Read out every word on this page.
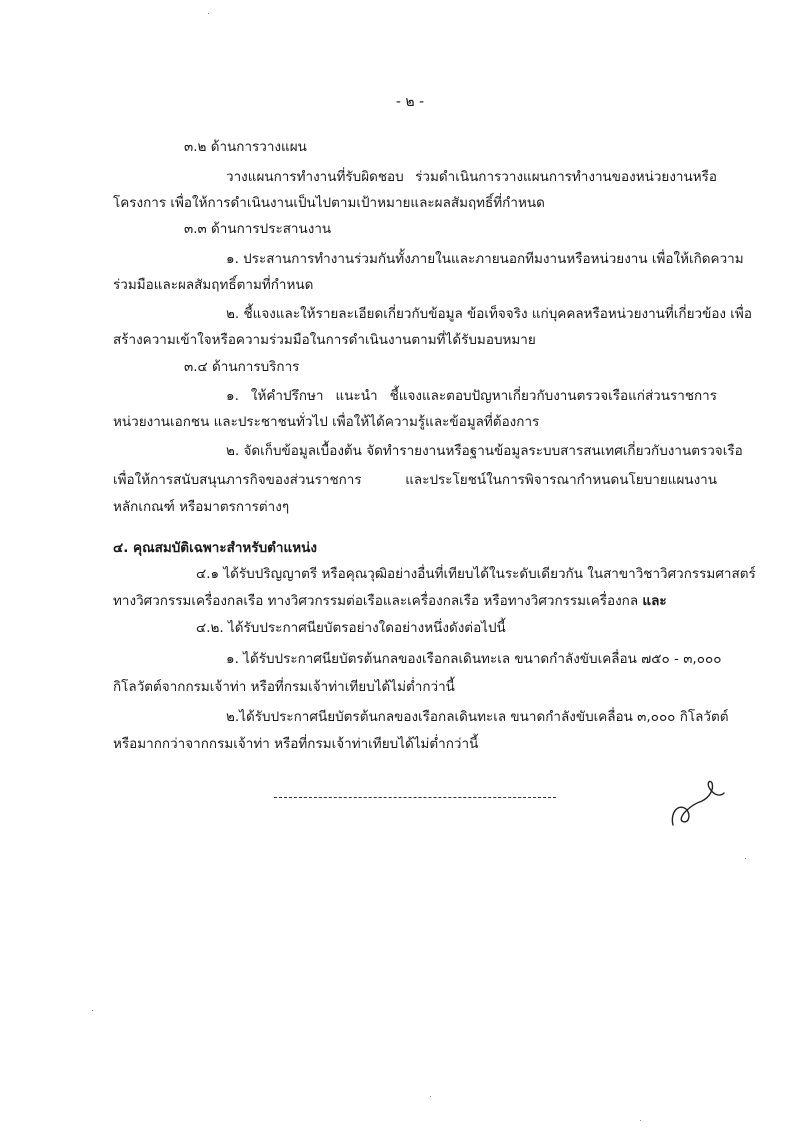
- ๒ -
๓.๒ ด้านการวางแผน
วางแผนการทำงานที่รับผิดชอบ ร่วมดำเนินการวางแผนการทำงานของหน่วยงานหรือ
โครงการ เพื่อให้การดำเนินงานเป็นไปตามเป้าหมายและผลสัมฤทธิ์ที่กำหนด
๓.๓ ด้านการประสานงาน
๑. ประสานการทำงานร่วมกันทั้งภายในและภายนอกทีมงานหรือหน่วยงาน เพื่อให้เกิดความ
ร่วมมือและผลสัมฤทธิ์ตามที่กำหนด
๒. ชี้แจงและให้รายละเอียดเกี่ยวกับข้อมูล ข้อเท็จจริง แก่บุคคลหรือหน่วยงานที่เกี่ยวข้อง เพื่อ
สร้างความเข้าใจหรือความร่วมมือในการดำเนินงานตามที่ได้รับมอบหมาย
๓.๔ ด้านการบริการ
๑. ให้คำปรึกษา แนะนำ ชี้แจงและตอบปัญหาเกี่ยวกับงานตรวจเรือแก่ส่วนราชการ
หน่วยงานเอกชน และประชาชนทั่วไป เพื่อให้ได้ความรู้และข้อมูลที่ต้องการ
๒. จัดเก็บข้อมูลเบื้องต้น จัดทำรายงานหรือฐานข้อมูลระบบสารสนเทศเกี่ยวกับงานตรวจเรือ
เพื่อให้การสนับสนุนภารกิจของส่วนราชการ และประโยชน์ในการพิจารณากำหนดนโยบายแผนงาน
หลักเกณฑ์ หรือมาตรการต่างๆ
๔. คุณสมบัติเฉพาะสำหรับตำแหน่ง
๔.๑ ได้รับปริญญาตรี หรือคุณวุฒิอย่างอื่นที่เทียบได้ในระดับเดียวกัน ในสาขาวิชาวิศวกรรมศาสตร์
ทางวิศวกรรมเครื่องกลเรือ ทางวิศวกรรมต่อเรือและเครื่องกลเรือ หรือทางวิศวกรรมเครื่องกล และ
๔.๒. ได้รับประกาศนียบัตรอย่างใดอย่างหนึ่งดังต่อไปนี้
๑. ได้รับประกาศนียบัตรต้นกลของเรือกลเดินทะเล ขนาดกำลังขับเคลื่อน ๗๕๐ - ๓,๐๐๐
กิโลวัตต์จากกรมเจ้าท่า หรือที่กรมเจ้าท่าเทียบได้ไม่ต่ำกว่านี้
๒.ได้รับประกาศนียบัตรต้นกลของเรือกลเดินทะเล ขนาดกำลังขับเคลื่อน ๓,๐๐๐ กิโลวัตต์
หรือมากกว่าจากกรมเจ้าท่า หรือที่กรมเจ้าท่าเทียบได้ไม่ต่ำกว่านี้
